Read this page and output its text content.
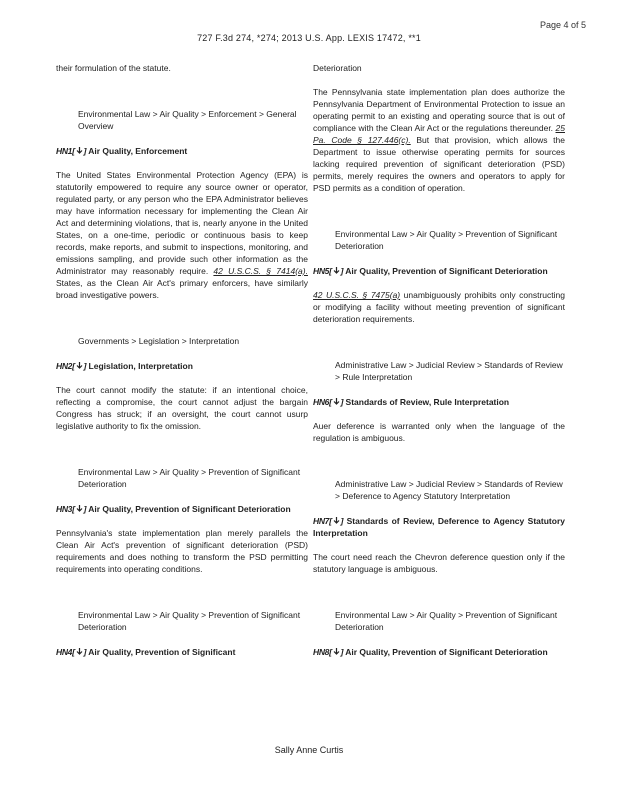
Page 4 of 5
727 F.3d 274, *274; 2013 U.S. App. LEXIS 17472, **1

their formulation of the statute.

Environmental Law > Air Quality > Enforcement > General Overview

HN1[ ] Air Quality, Enforcement

The United States Environmental Protection Agency (EPA) is statutorily empowered to require any source owner or operator, regulated party, or any person who the EPA Administrator believes may have information necessary for implementing the Clean Air Act and determining violations, that is, nearly anyone in the United States, on a one-time, periodic or continuous basis to keep records, make reports, and submit to inspections, monitoring, and emissions sampling, and provide such other information as the Administrator may reasonably require. 42 U.S.C.S. § 7414(a). States, as the Clean Air Act's primary enforcers, have similarly broad investigative powers.

Governments > Legislation > Interpretation

HN2[ ] Legislation, Interpretation

The court cannot modify the statute: if an intentional choice, reflecting a compromise, the court cannot adjust the bargain Congress has struck; if an oversight, the court cannot usurp legislative authority to fix the omission.

Environmental Law > Air Quality > Prevention of Significant Deterioration

HN3[ ] Air Quality, Prevention of Significant Deterioration

Pennsylvania's state implementation plan merely parallels the Clean Air Act's prevention of significant deterioration (PSD) requirements and does nothing to transform the PSD permitting requirements into operating conditions.

Environmental Law > Air Quality > Prevention of Significant Deterioration

HN4[ ] Air Quality, Prevention of Significant

Deterioration

The Pennsylvania state implementation plan does authorize the Pennsylvania Department of Environmental Protection to issue an operating permit to an existing and operating source that is out of compliance with the Clean Air Act or the regulations thereunder. 25 Pa. Code § 127.446(c). But that provision, which allows the Department to issue otherwise operating permits for sources lacking required prevention of significant deterioration (PSD) permits, merely requires the owners and operators to apply for PSD permits as a condition of operation.

Environmental Law > Air Quality > Prevention of Significant Deterioration

HN5[ ] Air Quality, Prevention of Significant Deterioration

42 U.S.C.S. § 7475(a) unambiguously prohibits only constructing or modifying a facility without meeting prevention of significant deterioration requirements.

Administrative Law > Judicial Review > Standards of Review > Rule Interpretation

HN6[ ] Standards of Review, Rule Interpretation

Auer deference is warranted only when the language of the regulation is ambiguous.

Administrative Law > Judicial Review > Standards of Review > Deference to Agency Statutory Interpretation

HN7[ ] Standards of Review, Deference to Agency Statutory Interpretation

The court need reach the Chevron deference question only if the statutory language is ambiguous.

Environmental Law > Air Quality > Prevention of Significant Deterioration

HN8[ ] Air Quality, Prevention of Significant Deterioration

Sally Anne Curtis
